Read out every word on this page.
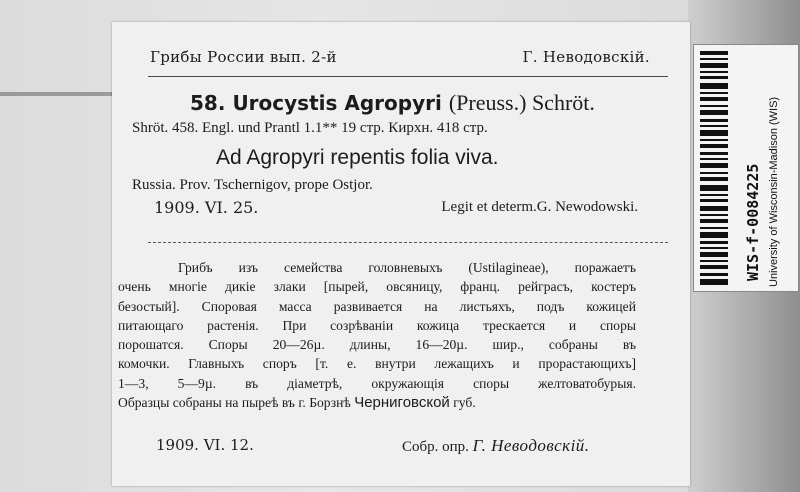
Грибы России вып. 2-й	Г. Неводовскiй.
58. Urocystis Agropyri (Preuss.) Schröt.
Shröt. 458. Engl. und Prantl 1.1** 19 стр. Кирхн. 418 стр.
Ad Agropyri repentis folia viva.
Russia. Prov. Tschernigov, prope Ostjor.
1909. VI. 25.	Legit et determ.G. Newodowski.
Грибъ изъ семейства головневыхъ (Ustilagineae), поражаетъ
очень многiе дикiе злаки [пырей, овсяницу, франц. рейграсъ, костеръ
безостый]. Споровая масса развивается на листьяхъ, подъ кожицей
питающаго растенiя. При созрѣванiи кожица трескается и споры
порошатся. Споры 20—26µ. длины, 16—20µ. шир., собраны въ
комочки. Главныхъ споръ [т. е. внутри лежащихъ и прорастающихъ]
1—3, 5—9µ. въ дiаметрѣ, окружающiя споры желтоватобурыя.
Образцы собраны на пырeѣ въ г. Борзнѣ Черниговской губ.
1909. VI. 12.	Собр. опр. Г. Неводовскiй.
WIS-f-0084225 University of Wisconsin-Madison (WIS)
